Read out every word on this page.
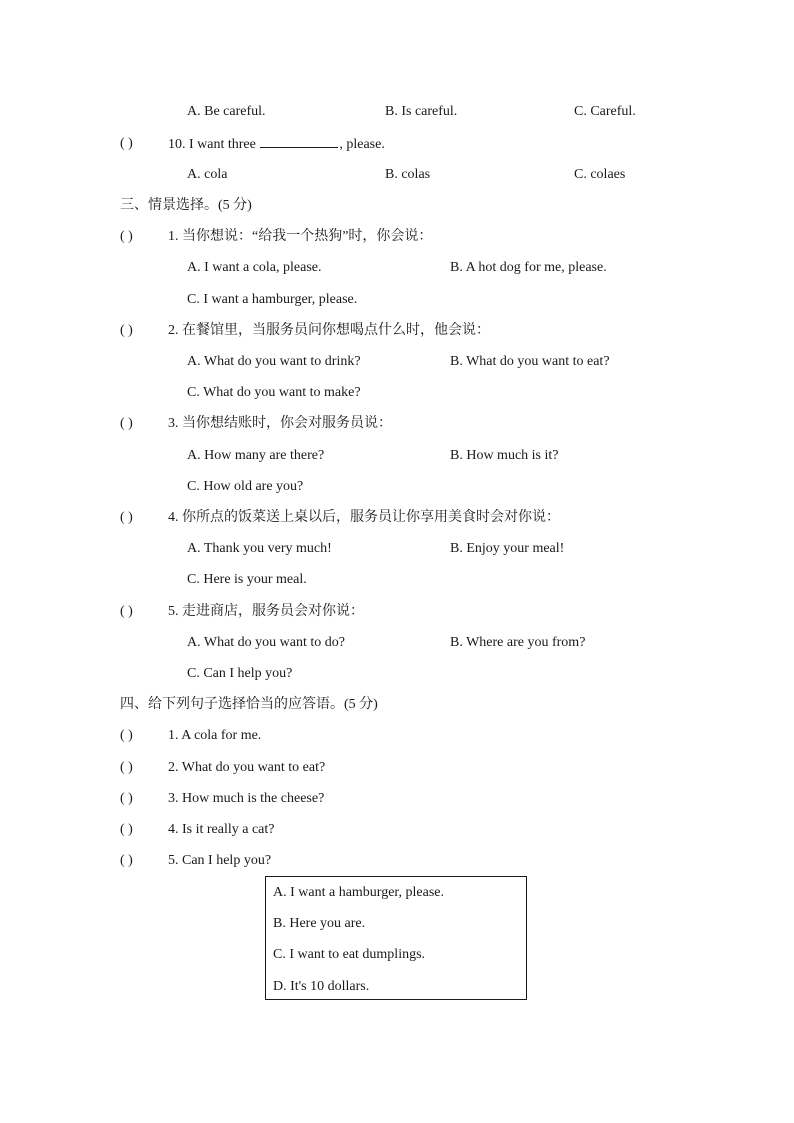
A. Be careful.	B. Is careful.	C. Careful.
( )	10. I want three	, please.
A. cola	B. colas	C. colaes
三、情景选择。(5 分)
( )	1. 当你想说：“给我一个热狗”时，你会说：
A. I want a cola, please.	B. A hot dog for me, please.
C. I want a hamburger, please.
( )	2. 在餐馆里，当服务员问你想喝点什么时，他会说：
A. What do you want to drink?	B. What do you want to eat?
C. What do you want to make?
( )	3. 当你想结账时，你会对服务员说：
A. How many are there?	B. How much is it?
C. How old are you?
( )	4. 你所点的饭菜送上桌以后，服务员让你享用美食时会对你说：
A. Thank you very much!	B. Enjoy your meal!
C. Here is your meal.
( )	5. 走进商店，服务员会对你说：
A. What do you want to do?	B. Where are you from?
C. Can I help you?
四、给下列句子选择恰当的应答语。(5 分)
( )	1. A cola for me.
( )	2. What do you want to eat?
( )	3. How much is the cheese?
( )	4. Is it really a cat?
( )	5. Can I help you?
A. I want a hamburger, please.
B. Here you are.
C. I want to eat dumplings.
D. It's 10 dollars.
